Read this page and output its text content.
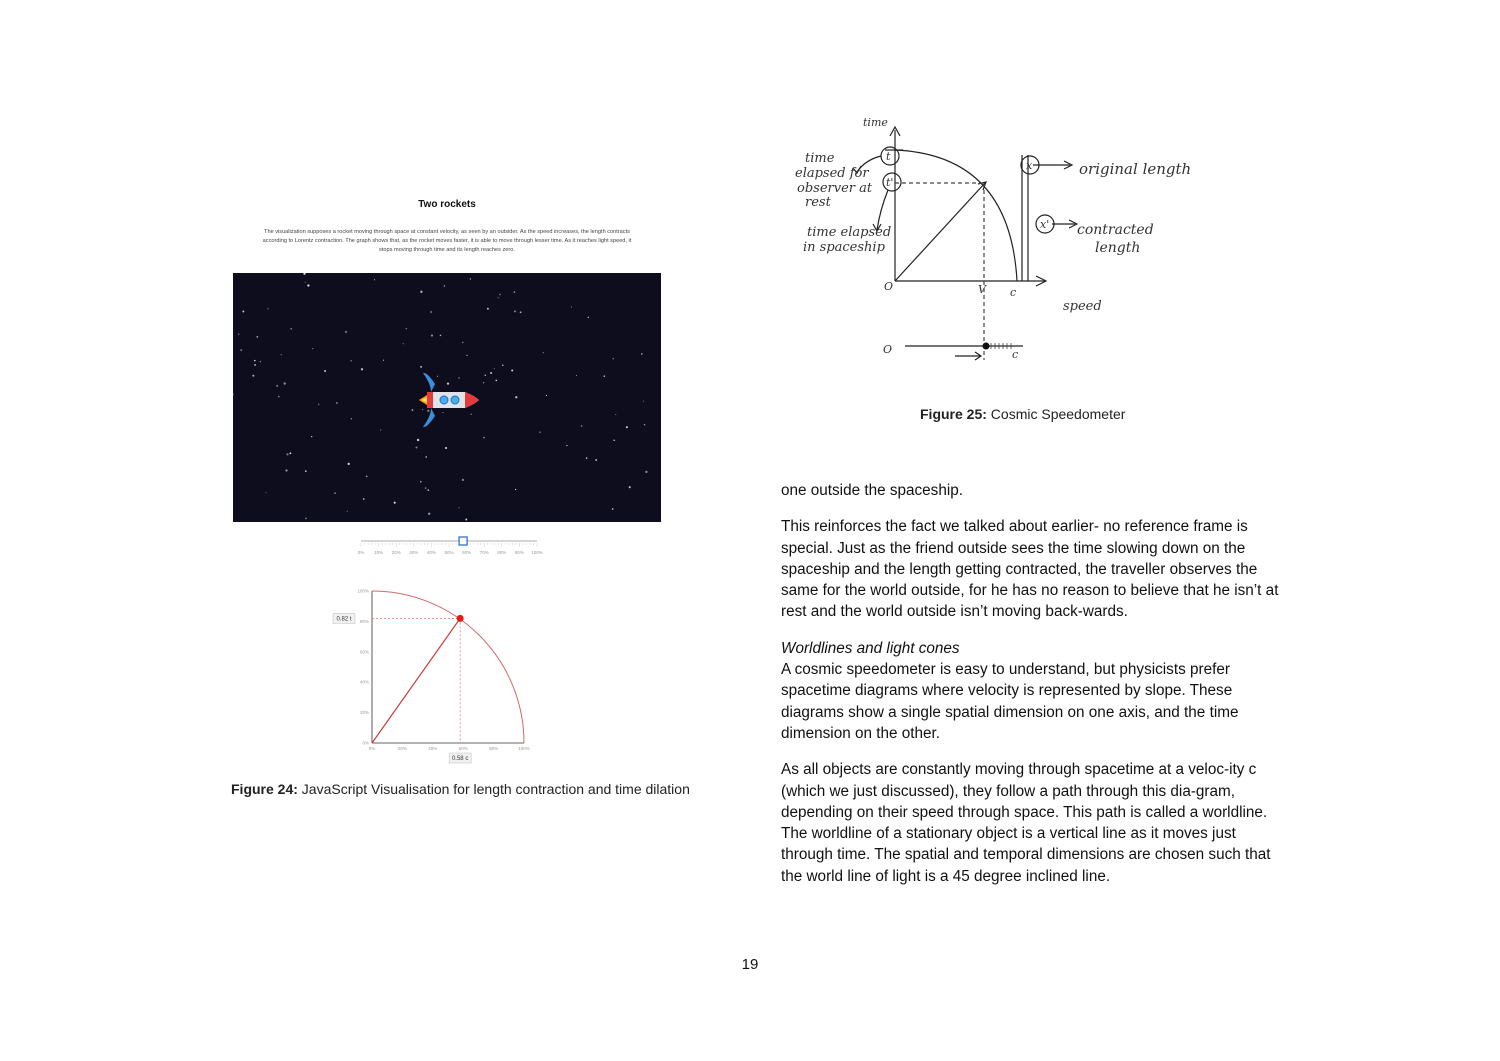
Two rockets
The visualization supposes a rocket moving through space at constant velocity, as seen by an outsider. As the speed increases, the length contracts according to Lorentz contraction. The graph shows that, as the rocket moves faster, it is able to move through lesser time. As it reaches light speed, it stops moving through time and its length reaches zero.
0% 10% 20% 30% 40% 50% 60% 70% 80% 90% 100%
0%
20%
40%
60%
80%
100%
0%	20%	40%	60%	80%	100%
0.82 t
0.58 c
Figure 24: JavaScript Visualisation for length contraction and time dilation
time
t
t'
x
x'
time
elapsed for
observer at
rest
time elapsed
in spaceship
original length
contracted
length
O	V c
speed
O	c
Figure 25: Cosmic Speedometer

one outside the spaceship.

This reinforces the fact we talked about earlier- no reference frame is special. Just as the friend outside sees the time slowing down on the spaceship and the length getting contracted, the traveller observes the same for the world outside, for he has no reason to believe that he isn’t at rest and the world outside isn’t moving back-wards.

Worldlines and light cones

A cosmic speedometer is easy to understand, but physicists prefer spacetime diagrams where velocity is represented by slope. These diagrams show a single spatial dimension on one axis, and the time dimension on the other.

As all objects are constantly moving through spacetime at a veloc-ity c (which we just discussed), they follow a path through this dia-gram, depending on their speed through space. This path is called a worldline. The worldline of a stationary object is a vertical line as it moves just through time. The spatial and temporal dimensions are chosen such that the world line of light is a 45 degree inclined line.

19
